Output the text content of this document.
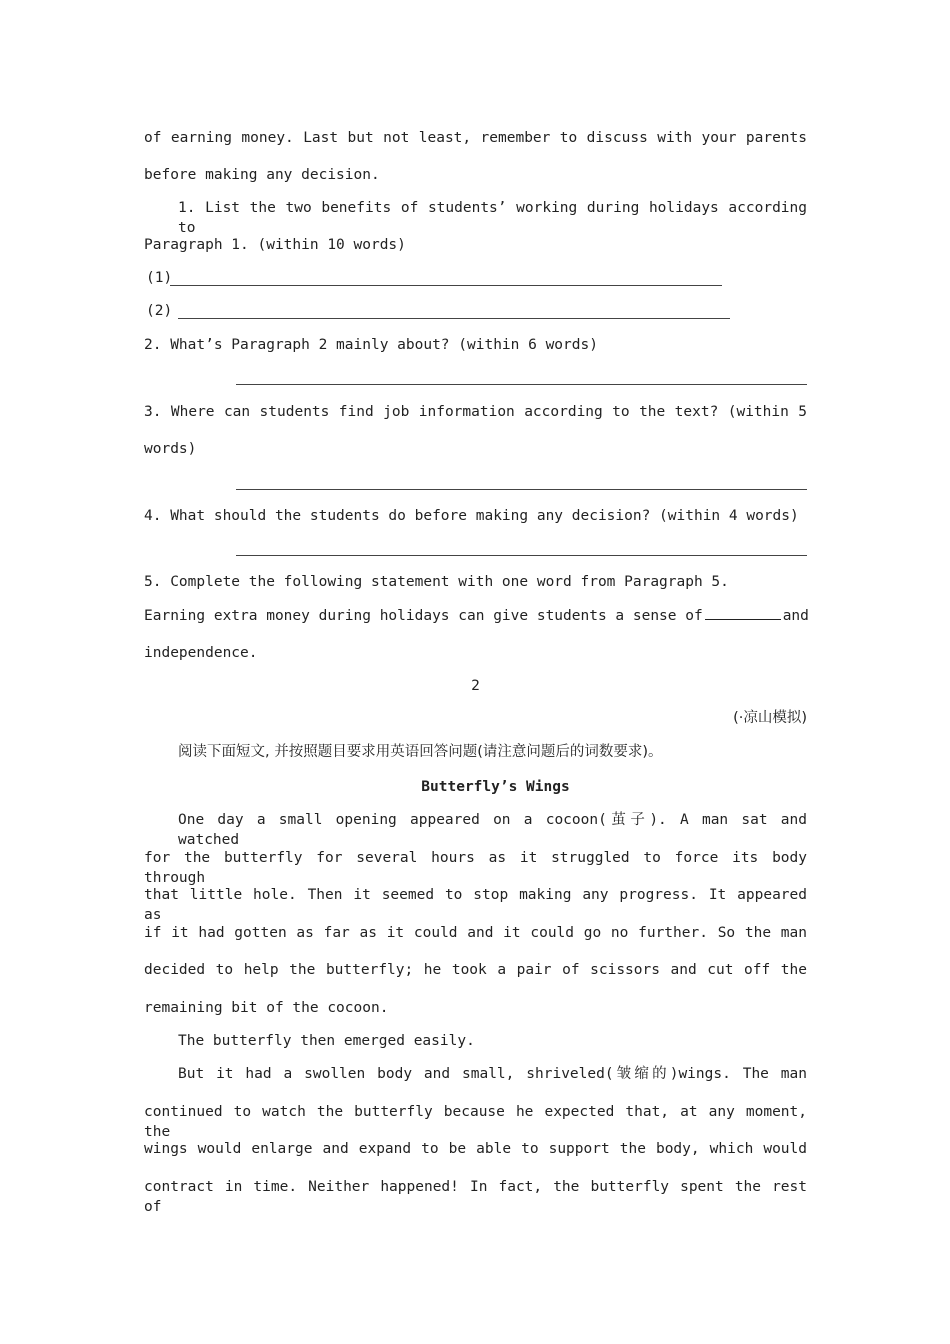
of earning money. Last but not least, remember to discuss with your parents
before making any decision.
1. List the two benefits of students’ working during holidays according to
Paragraph 1. (within 10 words)
(1)
(2)
2. What’s Paragraph 2 mainly about? (within 6 words)
3. Where can students find job information according to the text? (within 5
words)
4. What should the students do before making any decision? (within 4 words)
5. Complete the following statement with one word from Paragraph 5.
Earning extra money during holidays can give students a sense of	and
independence.
2
(·凉山模拟)
阅读下面短文, 并按照题目要求用英语回答问题(请注意问题后的词数要求)。
Butterfly’s Wings
One day a small opening appeared on a cocoon(茧子). A man sat and watched
for the butterfly for several hours as it struggled to force its body through
that little hole. Then it seemed to stop making any progress. It appeared as
if it had gotten as far as it could and it could go no further. So the man
decided to help the butterfly; he took a pair of scissors and cut off the
remaining bit of the cocoon.
The butterfly then emerged easily.
But it had a swollen body and small, shriveled(皱缩的)wings. The man
continued to watch the butterfly because he expected that, at any moment, the
wings would enlarge and expand to be able to support the body, which would
contract in time. Neither happened! In fact, the butterfly spent the rest of
